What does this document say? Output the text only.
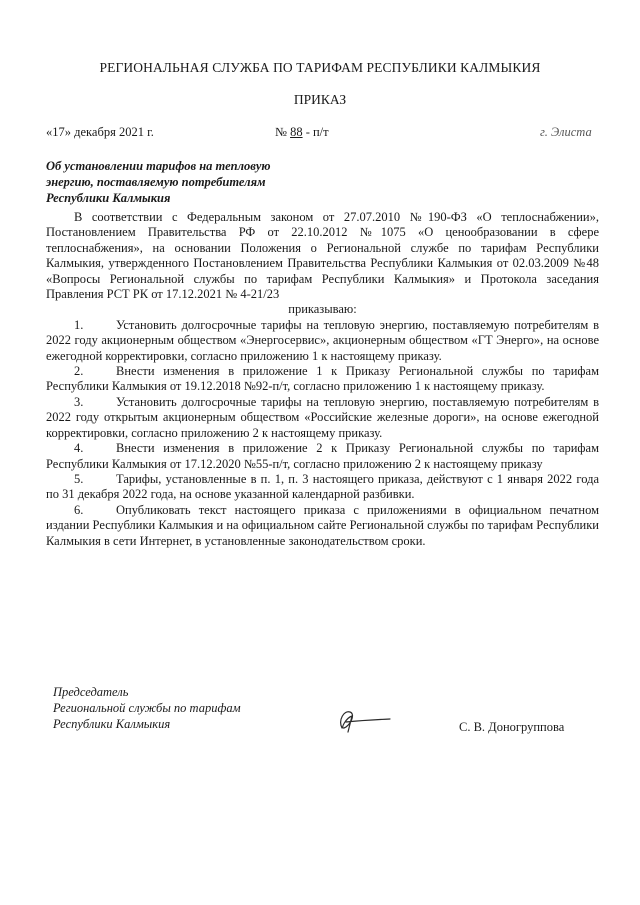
РЕГИОНАЛЬНАЯ СЛУЖБА ПО ТАРИФАМ РЕСПУБЛИКИ КАЛМЫКИЯ
ПРИКАЗ
«17» декабря 2021 г.	№ 88 - п/т	г. Элиста
Об установлении тарифов на тепловую энергию, поставляемую потребителям Республики Калмыкия

В соответствии с Федеральным законом от 27.07.2010 №190-ФЗ «О теплоснабжении», Постановлением Правительства РФ от 22.10.2012 №1075 «О ценообразовании в сфере теплоснабжения», на основании Положения о Региональной службе по тарифам Республики Калмыкия, утвержденного Постановлением Правительства Республики Калмыкия от 02.03.2009 №48 «Вопросы Региональной службы по тарифам Республики Калмыкия» и Протокола заседания Правления РСТ РК от 17.12.2021 № 4-21/23

приказываю:

1.	Установить долгосрочные тарифы на тепловую энергию, поставляемую потребителям в 2022 году акционерным обществом «Энергосервис», акционерным обществом «ГТ Энерго», на основе ежегодной корректировки, согласно приложению 1 к настоящему приказу.
2.	Внести изменения в приложение 1 к Приказу Региональной службы по тарифам Республики Калмыкия от 19.12.2018 №92-п/т, согласно приложению 1 к настоящему приказу.
3.	Установить долгосрочные тарифы на тепловую энергию, поставляемую потребителям в 2022 году открытым акционерным обществом «Российские железные дороги», на основе ежегодной корректировки, согласно приложению 2 к настоящему приказу.
4.	Внести изменения в приложение 2 к Приказу Региональной службы по тарифам Республики Калмыкия от 17.12.2020 №55-п/т, согласно приложению 2 к настоящему приказу
5.	Тарифы, установленные в п. 1, п. 3 настоящего приказа, действуют с 1 января 2022 года по 31 декабря 2022 года, на основе указанной календарной разбивки.
6.	Опубликовать текст настоящего приказа с приложениями в официальном печатном издании Республики Калмыкия и на официальном сайте Региональной службы по тарифам Республики Калмыкия в сети Интернет, в установленные законодательством сроки.
Председатель
Региональной службы по тарифам
Республики Калмыкия	С. В. Доногруппова
